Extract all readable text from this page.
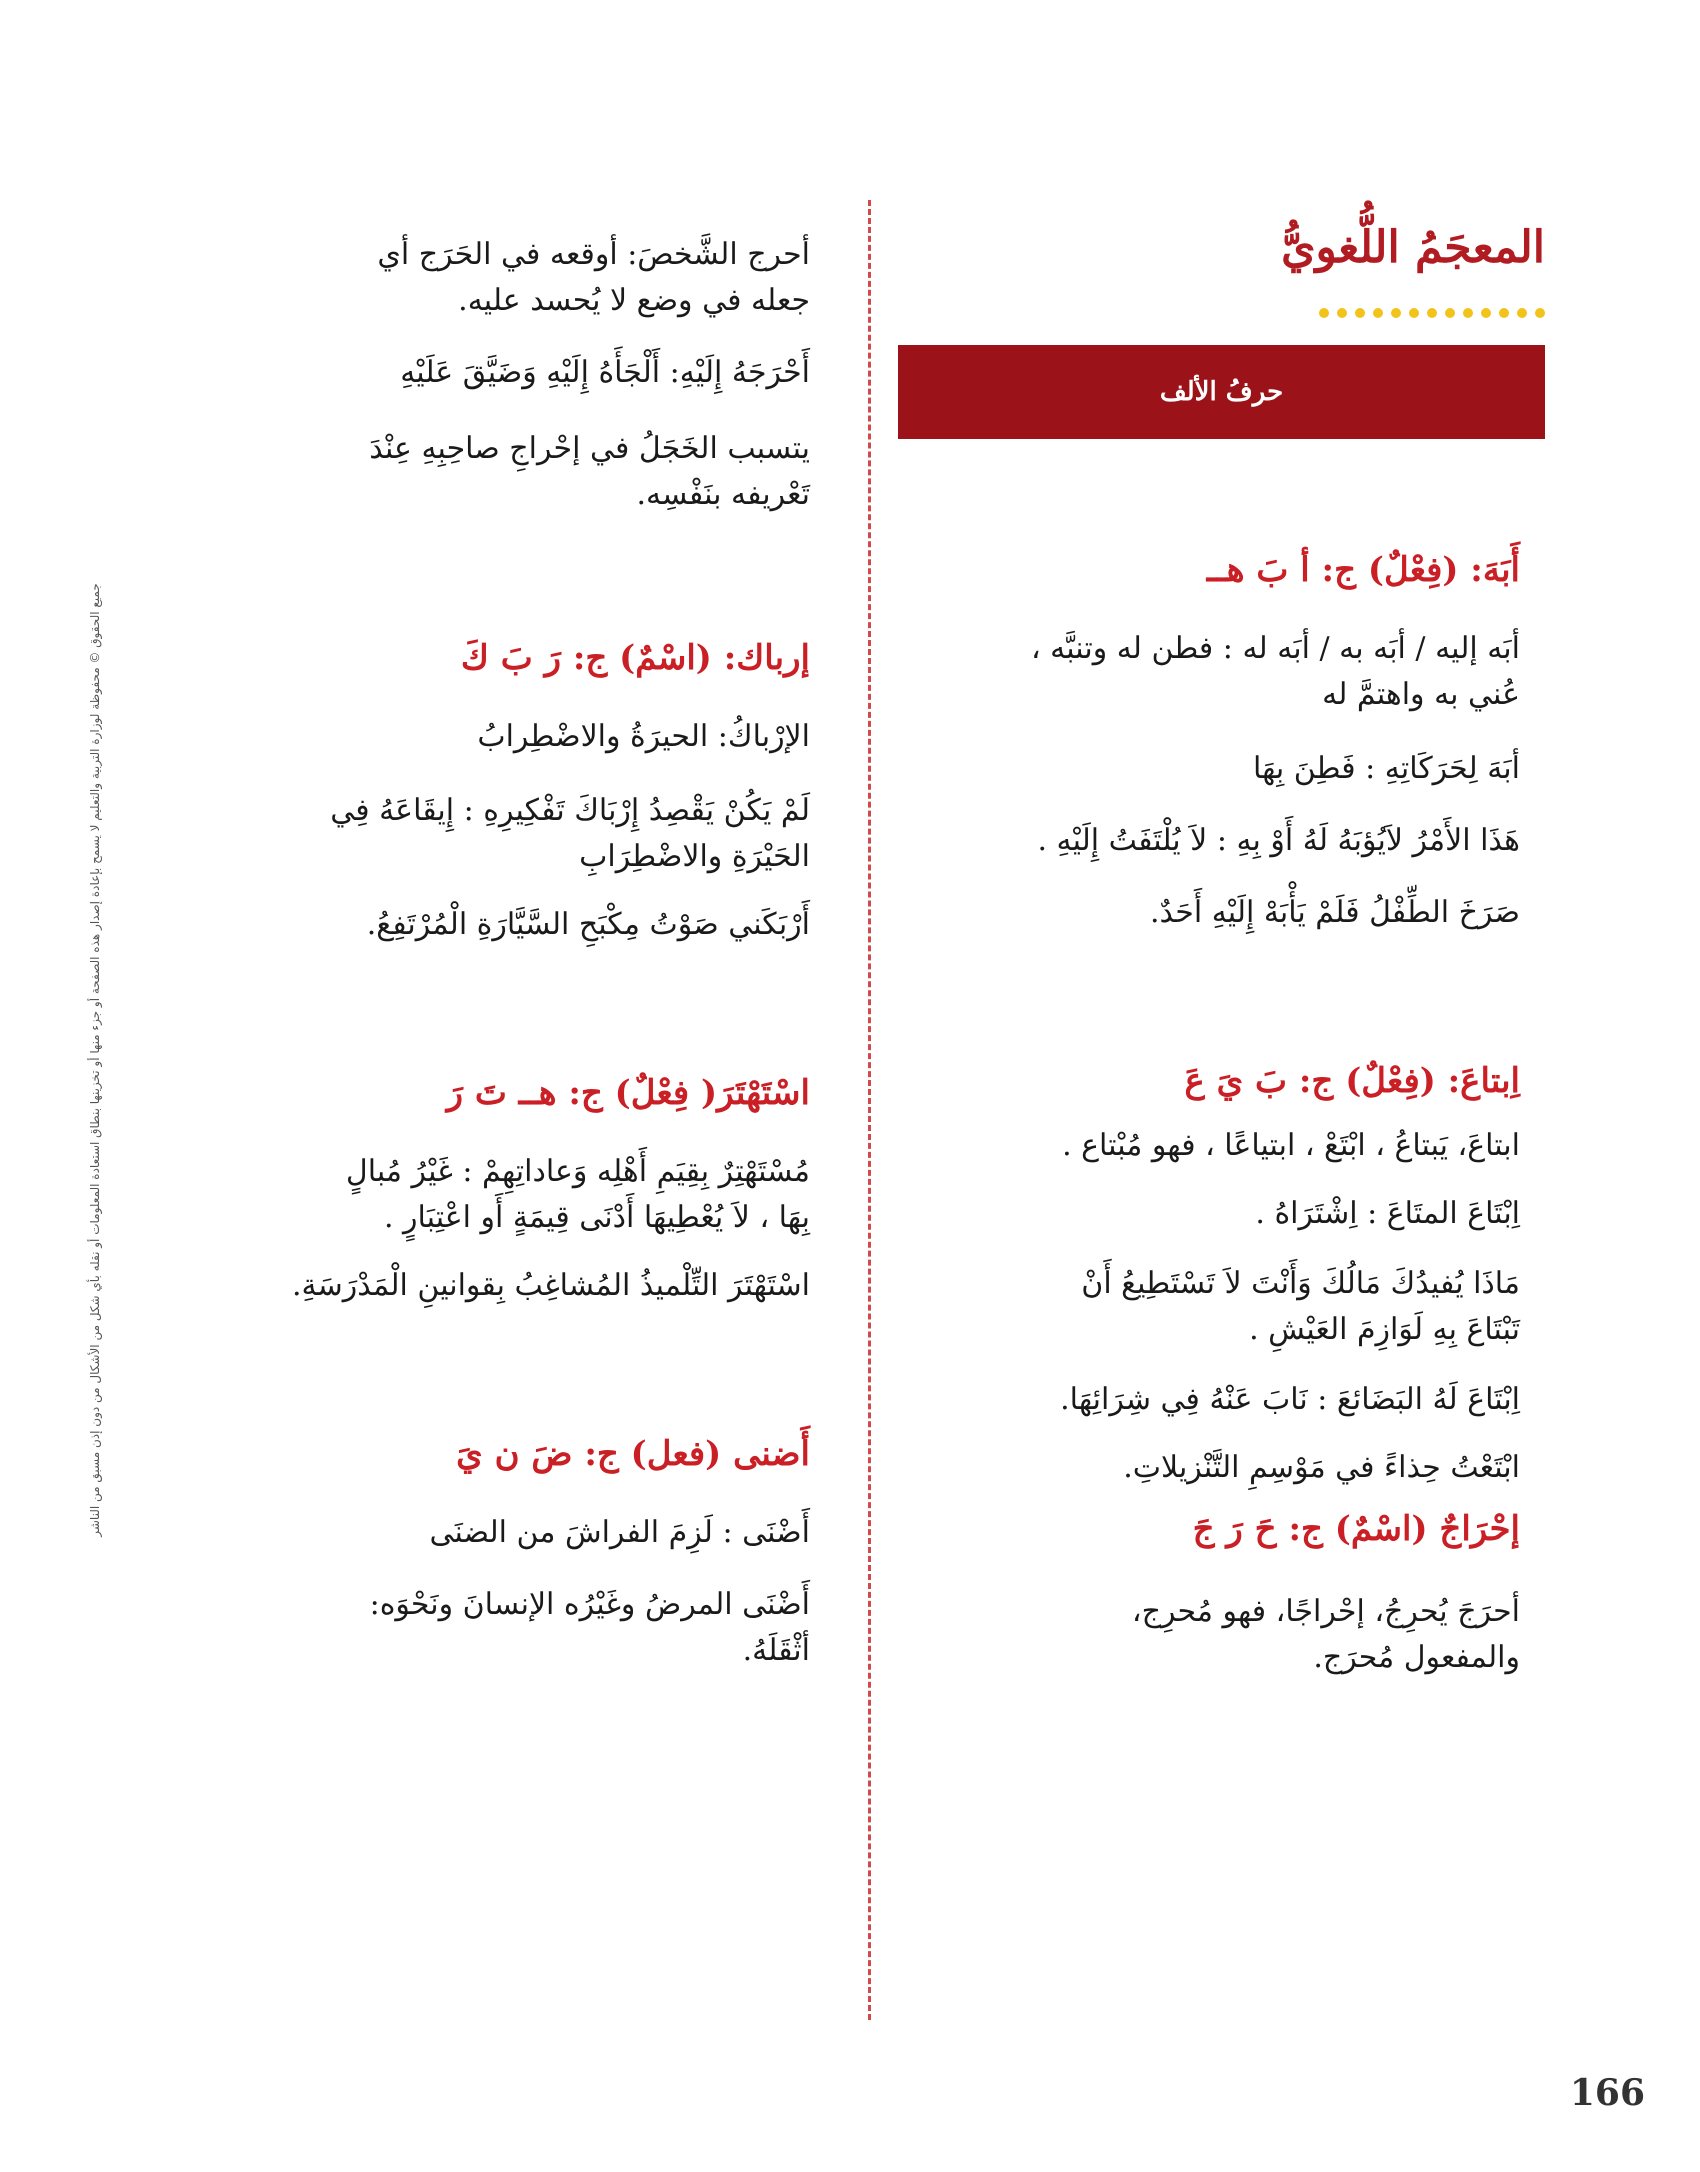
المعجَمُ اللُّغويُّ
حرفُ الألف
أَبَهَ: (فِعْلٌ) ج: أ بَ هــ
أبَه إليه / أبَه به / أبَه له : فطن له وتنبَّه ،
عُني به واهتمَّ له
أبَهَ لِحَرَكَاتِهِ : فَطِنَ بِهَا
هَذَا الأَمْرُ لاَيُؤبَهُ لَهُ أَوْ بِهِ : لاَ يُلْتَفَتُ إِلَيْهِ .
صَرَخَ الطِّفْلُ فَلَمْ يَأْبَهْ إِلَيْهِ أَحَدٌ.
اِبتاعَ: (فِعْلٌ) ج: بَ يَ عَ
ابتاعَ، يَبتاعُ ، ابْتَعْ ، ابتياعًا ، فهو مُبْتاع .
اِبْتَاعَ المتَاعَ : اِشْتَرَاهُ .
مَاذَا يُفيدُكَ مَالُكَ وَأَنْتَ لاَ تَسْتَطِيعُ أَنْ
تَبْتَاعَ بِهِ لَوَازِمَ العَيْشِ .
اِبْتَاعَ لَهُ البَضَائعَ : نَابَ عَنْهُ فِي شِرَائِهَا.
ابْتَعْتُ حِذاءً في مَوْسِمِ التَّنْزيلاتِ.
إحْرَاجٌ (اسْمٌ) ج: حَ رَ جَ
أحرَجَ يُحرِجُ، إحْراجًا، فهو مُحرِج،
والمفعول مُحرَج.
أحرج الشَّخصَ: أوقعه في الحَرَج أي
جعله في وضع لا يُحسد عليه.
أَحْرَجَهُ إِلَيْهِ: أَلْجَأَهُ إِلَيْهِ وَضَيَّقَ عَلَيْهِ
يتسبب الخَجَلُ في إحْراجِ صاحِبِهِ عِنْدَ
تَعْريفه بنَفْسِه.
إرباك: (اسْمٌ) ج: رَ بَ كَ
الإرْباكُ: الحيرَةُ والاضْطِرابُ
لَمْ يَكُنْ يَقْصِدُ إِرْبَاكَ تَفْكِيرِهِ : إِيقَاعَهُ فِي
الحَيْرَةِ والاضْطِرَابِ
أَرْبَكَني صَوْتُ مِكْبَحِ السَّيَّارَةِ الْمُرْتَفِعُ.
اسْتَهْتَرَ( فِعْلٌ) ج: هــ تَ رَ
مُسْتَهْتِرٌ بِقِيَمِ أَهْلِه وَعاداتِهِمْ : غَيْرُ مُبالٍ
بِهَا ، لاَ يُعْطِيهَا أَدْنَى قِيمَةٍ أَو اعْتِبَارٍ .
اسْتَهْتَرَ التِّلْميذُ المُشاغِبُ بِقوانينِ الْمَدْرَسَةِ.
أَضنى (فعل) ج: ضَ ن يَ
أَضْنَى : لَزِمَ الفراشَ من الضنَى
أَضْنَى المرضُ وغَيْرُه الإنسانَ ونَحْوَه:
أثْقَلَهُ.
جميع الحقوق © محفوظة لوزارة التربية والتعليم لا يسمح بإعادة إصدار هذه الصفحة أو جزء منها أو تخزينها بنطاق استعادة المعلومات أو نقله بأي شكل من الأشكال من دون إذن مسبق من الناشر
166
